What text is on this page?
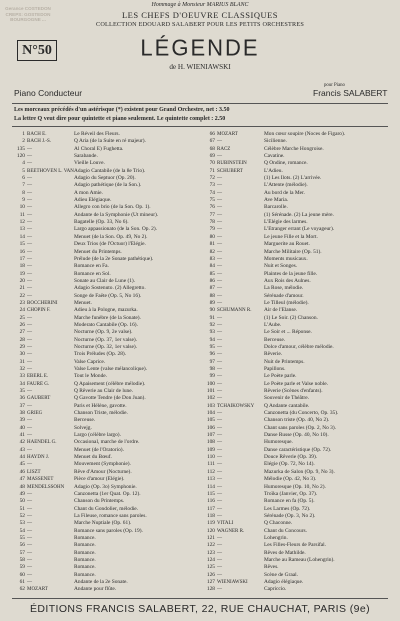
Gerance COSTEDON
CREPS: GOSTEDON
BOURGOGNE ...
Hommage à Monsieur MARIUS BLANC
LES CHEFS D'OEUVRE CLASSIQUES
COLLECTION EDOUARD SALABERT POUR LES PETITS ORCHESTRES
N°50	LÉGENDE
de H. WIENIAWSKI
pour Piano
Piano Conducteur	Francis SALABERT
Les morceaux précédés d'un astérisque (*) existent pour Grand Orchestre, net : 3.50
La lettre Q veut dire pour quintette et piano seulement. Le quintette complet : 2.50
1 BACH E.	Le Réveil des Fleurs.
2 BACH J.-S.	Q Aria (de la Suite en ré majeur).
135 —	Al Choral E) Fughetta.
120 —	Sarabande.
4 —	Vieille Louve.
5 BEETHOVEN L. VAN Adagio Cantabile (de la 8e Trio).
6 —	Adagio du Septuor (Op. 20).
7 —	Adagio pathétique (de la Son.).
8 —	A mon Amie.
9 —	Adieu Elégiaque.
10 —	Allegro con brio (de la Son. Op. 1).
11 —	Andante de la Symphonie (Ut mineur).
12 —	Bagatelle (Op. 33, No 6).
13 —	Largo appassionato (de la Son. Op. 2).
14 —	Menuet (de la Son. Op. 49, No 2).
15 —	Deux Trios (de l'Octuor) l'Élégie.
16 —	Menuet du Printemps.
17 —	Prélude (de la 2e Sonate pathétique).
18 —	Romance en Fa.
19 —	Romance en Sol.
20 —	Sonate au Clair de Lune (1).
21 —	Adagio Sostenuto. (2) Allegretto.
22 —	Songe de Faëte (Op. 5, No 16).
23 BOCCHERINI	Menuet.
24 CHOPIN F.	Adieu à la Pologne, mazurka.
25 —	Marche funèbre (de la Sonate).
26 —	Moderato Cantabile (Op. 16).
27 —	Nocturne (Op. 9, 2e valse).
28 —	Nocturne (Op. 37, 1er valse).
29 —	Nocturne (Op. 32, 1er valse).
30 —	Trois Préludes (Op. 28).
31 —	Valse Caprice.
32 —	Valse Lente (valse mélancolique).
33 EBERL E.	Tout le Monde.
34 FAURÉ G.	Q Apaisement (célèbre mélodie).
35 —	Q Rêverie au Clair de lune.
36 GAUBERT	Q Gavotte Tendre (de Don Juan).
37 —	Paris et Hélène, gavotte.
38 GRIEG	Chanson Triste, mélodie.
39 —	Berceuse.
40 —	Solvejg.
41 —	Largo (célèbre largo).
42 HAENDEL G.	Occasional, marche de l'ordre.
43 —	Menuet (de l'Oratorio).
44 HAYDN J.	Menuet du Bœuf.
45 —	Mouvement (Symphonie).
46 LISZT	Rêve d'Amour (Nocturne).
47 MASSENET	Pièce d'amour (Élégie).
48 MENDELSSOHN	Adagio (Op. 3o) Symphonie.
49 —	Canzonetta (1er Quat. Op. 12).
50 —	Chanson du Printemps.
51 —	Chant du Gondolier, mélodie.
52 —	La Fileuse, romance sans paroles.
53 —	Marche Nuptiale (Op. 61).
54 —	Romance sans paroles (Op. 19).
55 —	Romance.
56 —	Romance.
57 —	Romance.
58 —	Romance.
59 —	Romance.
60 —	Romance.
61 —	Andante de la 2e Sonate.
62 MOZART	Andante pour flûte.
66 MOZART	Mon cœur soupire (Noces de Figaro).
67 —	Sicilienne.
68 RACZ	Célèbre Marche Hongroise.
69 —	Cavatine.
70 RUBINSTEIN	Q Ondine, romance.
71 SCHUBERT	L'Adieu.
72 —	(1) Les Ilots. (2) L'arrivée.
73 —	L'Attente (mélodie).
74 —	Au bord de la Mer.
75 —	Ave Maria.
76 —	Barcarolle.
77 —	(1) Sérénade. (2) La jeune mère.
78 —	L'Élégie des larmes.
79 —	L'Etranger errant (Le voyageur).
80 —	Le jeune Fille et la Mort.
81 —	Marguerite au Rouet.
82 —	Marche Militaire (Op. 51).
83 —	Moments musicaux.
84 —	Nuit et Songes.
85 —	Plaintes de la jeune fille.
86 —	Aux Rois des Aulnes.
87 —	La Rose, mélodie.
88 —	Sérénade d'amour.
89 —	Le Tilleul (mélodie).
90 SCHUMANN R.	Air de l'Elanse.
91 —	(1) Le Soir. (2) Chanson.
92 —	L'Aube.
93 —	Le Soir et ... Réponse.
94 —	Berceuse.
95 —	Dolce d'amour, célèbre mélodie.
96 —	Rêverie.
97 —	Nuit de Printemps.
98 —	Papillons.
99 —	Le Poète parle.
100 —	Le Poète parle et Valse noble.
101 —	Rêverie (Scènes d'enfants).
102 —	Souvenir de Théâtre.
103 TCHAIKOWSKY	Q Andante cantabile.
104 —	Canzonetta (du Concerto, Op. 35).
105 —	Chanson triste (Op. 40, No 2).
106 —	Chant sans paroles (Op. 2, No 3).
107 —	Danse Russe (Op. 40, No 10).
108 —	Humoresque.
109 —	Danse caractéristique (Op. 72).
110 —	Douce Rêverie (Op. 39).
111 —	Élégie (Op. 72, No 14).
112 —	Mazurka de Salon (Op. 9, No 3).
113 —	Mélodie (Op. 42, No 3).
114 —	Humoresque (Op. 10, No 2).
115 —	Troïka (Janvier, Op. 37).
116 —	Romance en fa (Op. 5).
117 —	Les Larmes (Op. 72).
118 —	Sérénade (Op. 3, No 2).
119 VITALI	Q Chaconne.
120 WAGNER R.	Chant du Concours.
121 —	Lohengrin.
122 —	Les Filles-Fleurs de Parsifal.
123 —	Rêves de Mathilde.
124 —	Marche au Rameau (Lohengrin).
125 —	Rêves.
126 —	Scène de Graal.
127 WIENIAWSKI	Adagio élégiaque.
128 —	Capriccio.
ÉDITIONS FRANCIS SALABERT, 22, RUE CHAUCHAT, PARIS (9e)
